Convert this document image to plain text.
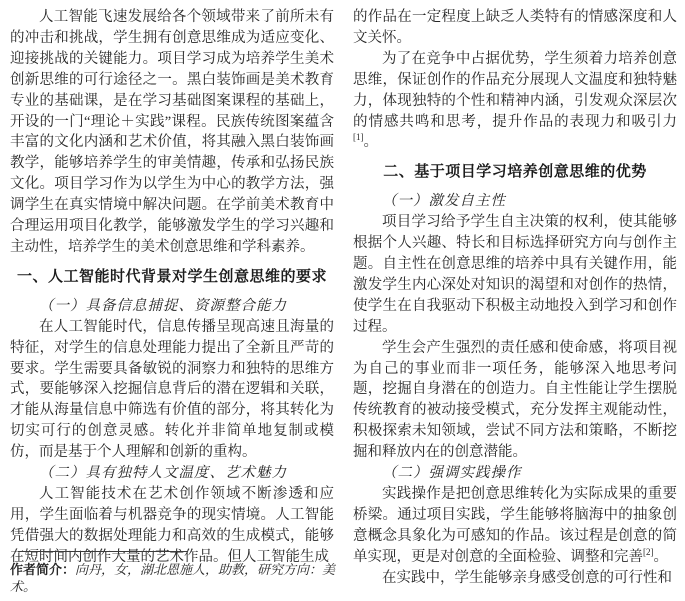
人工智能飞速发展给各个领域带来了前所未有的冲击和挑战，学生拥有创意思维成为适应变化、迎接挑战的关键能力。项目学习成为培养学生美术创新思维的可行途径之一。黑白装饰画是美术教育专业的基础课，是在学习基础图案课程的基础上，开设的一门“理论＋实践”课程。民族传统图案蕴含丰富的文化内涵和艺术价值，将其融入黑白装饰画教学，能够培养学生的审美情趣，传承和弘扬民族文化。项目学习作为以学生为中心的教学方法，强调学生在真实情境中解决问题。在学前美术教育中合理运用项目化教学，能够激发学生的学习兴趣和主动性，培养学生的美术创意思维和学科素养。

一、人工智能时代背景对学生创意思维的要求

（一）具备信息捕捉、资源整合能力

在人工智能时代，信息传播呈现高速且海量的特征，对学生的信息处理能力提出了全新且严苛的要求。学生需要具备敏锐的洞察力和独特的思维方式，要能够深入挖掘信息背后的潜在逻辑和关联，才能从海量信息中筛选有价值的部分，将其转化为切实可行的创意灵感。转化并非简单地复制或模仿，而是基于个人理解和创新的重构。

（二）具有独特人文温度、艺术魅力

人工智能技术在艺术创作领域不断渗透和应用，学生面临着与机器竞争的现实情境。人工智能凭借强大的数据处理能力和高效的生成模式，能够在短时间内创作大量的艺术作品。但人工智能生成

的作品在一定程度上缺乏人类特有的情感深度和人文关怀。

为了在竞争中占据优势，学生须着力培养创意思维，保证创作的作品充分展现人文温度和独特魅力，体现独特的个性和精神内涵，引发观众深层次的情感共鸣和思考，提升作品的表现力和吸引力[1]。

二、基于项目学习培养创意思维的优势

（一）激发自主性

项目学习给予学生自主决策的权利，使其能够根据个人兴趣、特长和目标选择研究方向与创作主题。自主性在创意思维的培养中具有关键作用，能激发学生内心深处对知识的渴望和对创作的热情，使学生在自我驱动下积极主动地投入到学习和创作过程。

学生会产生强烈的责任感和使命感，将项目视为自己的事业而非一项任务，能够深入地思考问题，挖掘自身潜在的创造力。自主性能让学生摆脱传统教育的被动接受模式，充分发挥主观能动性，积极探索未知领域，尝试不同方法和策略，不断挖掘和释放内在的创意潜能。

（二）强调实践操作

实践操作是把创意思维转化为实际成果的重要桥梁。通过项目实践，学生能够将脑海中的抽象创意概念具象化为可感知的作品。该过程是创意的简单实现，更是对创意的全面检验、调整和完善[2]。

在实践中，学生能够亲身感受创意的可行性和

作者简介：向丹，女，湖北恩施人，助教，研究方向：美术。
